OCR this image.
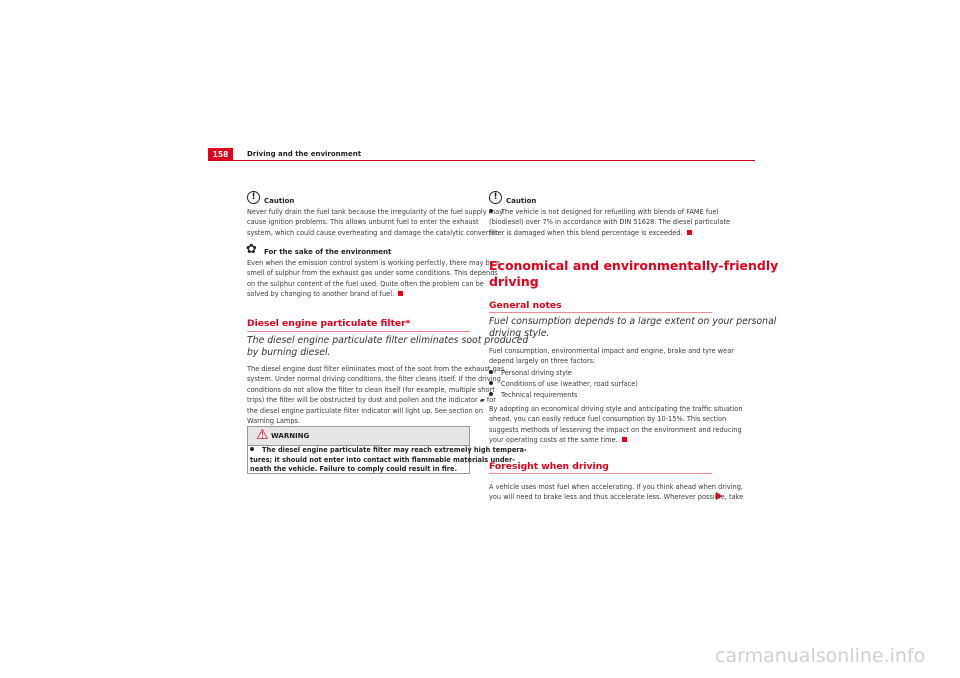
158	Driving and the environment
!	Caution
Never fully drain the fuel tank because the irregularity of the fuel supply may
cause ignition problems. This allows unburnt fuel to enter the exhaust
system, which could cause overheating and damage the catalytic converter.
✿ For the sake of the environment
Even when the emission control system is working perfectly, there may be a
smell of sulphur from the exhaust gas under some conditions. This depends
on the sulphur content of the fuel used. Quite often the problem can be
solved by changing to another brand of fuel.
Diesel engine particulate filter*
The diesel engine particulate filter eliminates soot produced
by burning diesel.
The diesel engine dust filter eliminates most of the soot from the exhaust gas
system. Under normal driving conditions, the filter cleans itself. If the driving
conditions do not allow the filter to clean itself (for example, multiple short
trips) the filter will be obstructed by dust and pollen and the indicator ▰ for
the diesel engine particulate filter indicator will light up. See section on
Warning Lamps.
⚠ WARNING
The diesel engine particulate filter may reach extremely high tempera-
tures; it should not enter into contact with flammable materials under-
neath the vehicle. Failure to comply could result in fire.
!	Caution
The vehicle is not designed for refuelling with blends of FAME fuel
(biodiesel) over 7% in accordance with DIN 51628. The diesel particulate
filter is damaged when this blend percentage is exceeded.
Economical and environmentally-friendly
driving
General notes
Fuel consumption depends to a large extent on your personal
driving style.
Fuel consumption, environmental impact and engine, brake and tyre wear
depend largely on three factors:
Personal driving style
Conditions of use (weather, road surface)
Technical requirements
By adopting an economical driving style and anticipating the traffic situation
ahead, you can easily reduce fuel consumption by 10-15%. This section
suggests methods of lessening the impact on the environment and reducing
your operating costs at the same time.
Foresight when driving
A vehicle uses most fuel when accelerating. If you think ahead when driving,
you will need to brake less and thus accelerate less. Wherever possible, take
carmanualsonline.info
